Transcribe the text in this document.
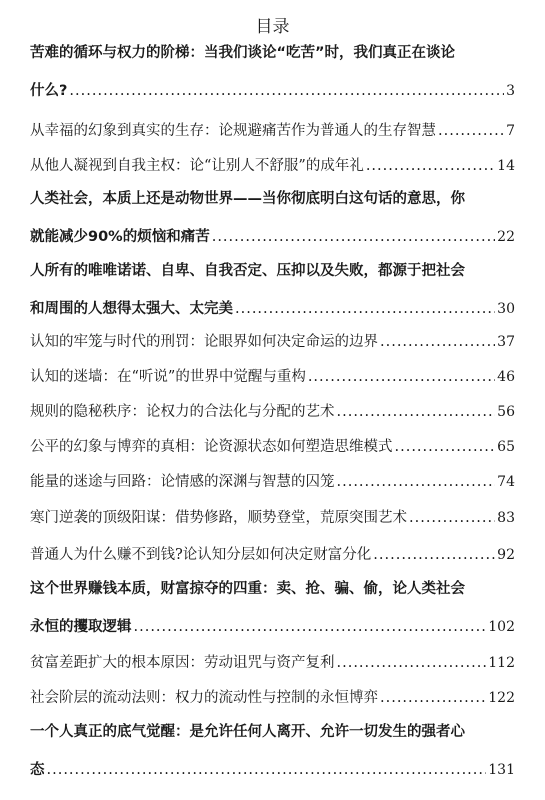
目录
苦难的循环与权力的阶梯：当我们谈论“吃苦”时，我们真正在谈论
什么? .....	3
从幸福的幻象到真实的生存：论规避痛苦作为普通人的生存智慧 .....	7
从他人凝视到自我主权：论“让别人不舒服”的成年礼 .....	14
人类社会，本质上还是动物世界——当你彻底明白这句话的意思，你
就能减少90%的烦恼和痛苦 .....	22
人所有的唯唯诺诺、自卑、自我否定、压抑以及失败，都源于把社会
和周围的人想得太强大、太完美 .....	30
认知的牢笼与时代的刑罚：论眼界如何决定命运的边界 .....	37
认知的迷墙：在“听说”的世界中觉醒与重构 .....	46
规则的隐秘秩序：论权力的合法化与分配的艺术 .....	56
公平的幻象与博弈的真相：论资源状态如何塑造思维模式 .....	65
能量的迷途与回路：论情感的深渊与智慧的囚笼 .....	74
寒门逆袭的顶级阳谋：借势修路，顺势登堂，荒原突围艺术 .....	83
普通人为什么赚不到钱?论认知分层如何决定财富分化 .....	92
这个世界赚钱本质，财富掠夺的四重：卖、抢、骗、偷，论人类社会
永恒的攫取逻辑 .....	102
贫富差距扩大的根本原因：劳动诅咒与资产复利 .....	112
社会阶层的流动法则：权力的流动性与控制的永恒博弈 .....	122
一个人真正的底气觉醒：是允许任何人离开、允许一切发生的强者心
态 .....	131
